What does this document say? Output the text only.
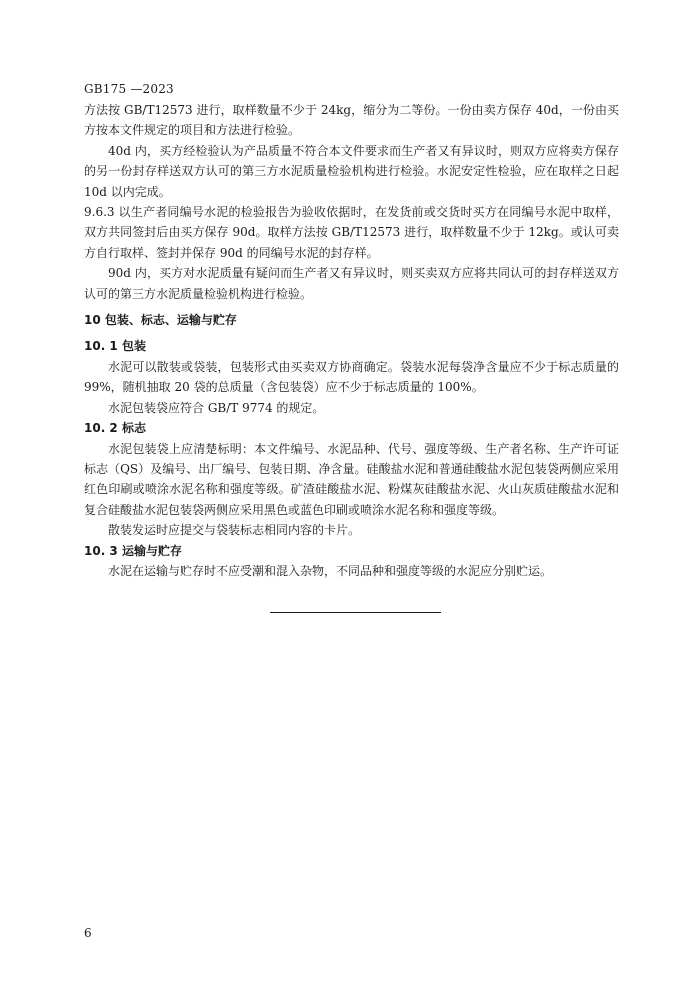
GB175 —2023

方法按 GB/T12573 进行，取样数量不少于 24kg，缩分为二等份。一份由卖方保存 40d，一份由买方按本文件规定的项目和方法进行检验。

40d 内，买方经检验认为产品质量不符合本文件要求而生产者又有异议时，则双方应将卖方保存的另一份封存样送双方认可的第三方水泥质量检验机构进行检验。水泥安定性检验，应在取样之日起 10d 以内完成。

9.6.3 以生产者同编号水泥的检验报告为验收依据时，在发货前或交货时买方在同编号水泥中取样，双方共同签封后由买方保存 90d。取样方法按 GB/T12573 进行，取样数量不少于 12kg。或认可卖方自行取样、签封并保存 90d 的同编号水泥的封存样。

90d 内，买方对水泥质量有疑问而生产者又有异议时，则买卖双方应将共同认可的封存样送双方认可的第三方水泥质量检验机构进行检验。

10 包装、标志、运输与贮存

10. 1 包装

水泥可以散装或袋装，包装形式由买卖双方协商确定。袋装水泥每袋净含量应不少于标志质量的 99%，随机抽取 20 袋的总质量（含包装袋）应不少于标志质量的 100%。

水泥包装袋应符合 GB/T 9774 的规定。

10. 2 标志

水泥包装袋上应清楚标明：本文件编号、水泥品种、代号、强度等级、生产者名称、生产许可证标志（QS）及编号、出厂编号、包装日期、净含量。硅酸盐水泥和普通硅酸盐水泥包装袋两侧应采用红色印刷或喷涂水泥名称和强度等级。矿渣硅酸盐水泥、粉煤灰硅酸盐水泥、火山灰质硅酸盐水泥和复合硅酸盐水泥包装袋两侧应采用黑色或蓝色印刷或喷涂水泥名称和强度等级。

散装发运时应提交与袋装标志相同内容的卡片。

10. 3 运输与贮存

水泥在运输与贮存时不应受潮和混入杂物，不同品种和强度等级的水泥应分别贮运。

6
